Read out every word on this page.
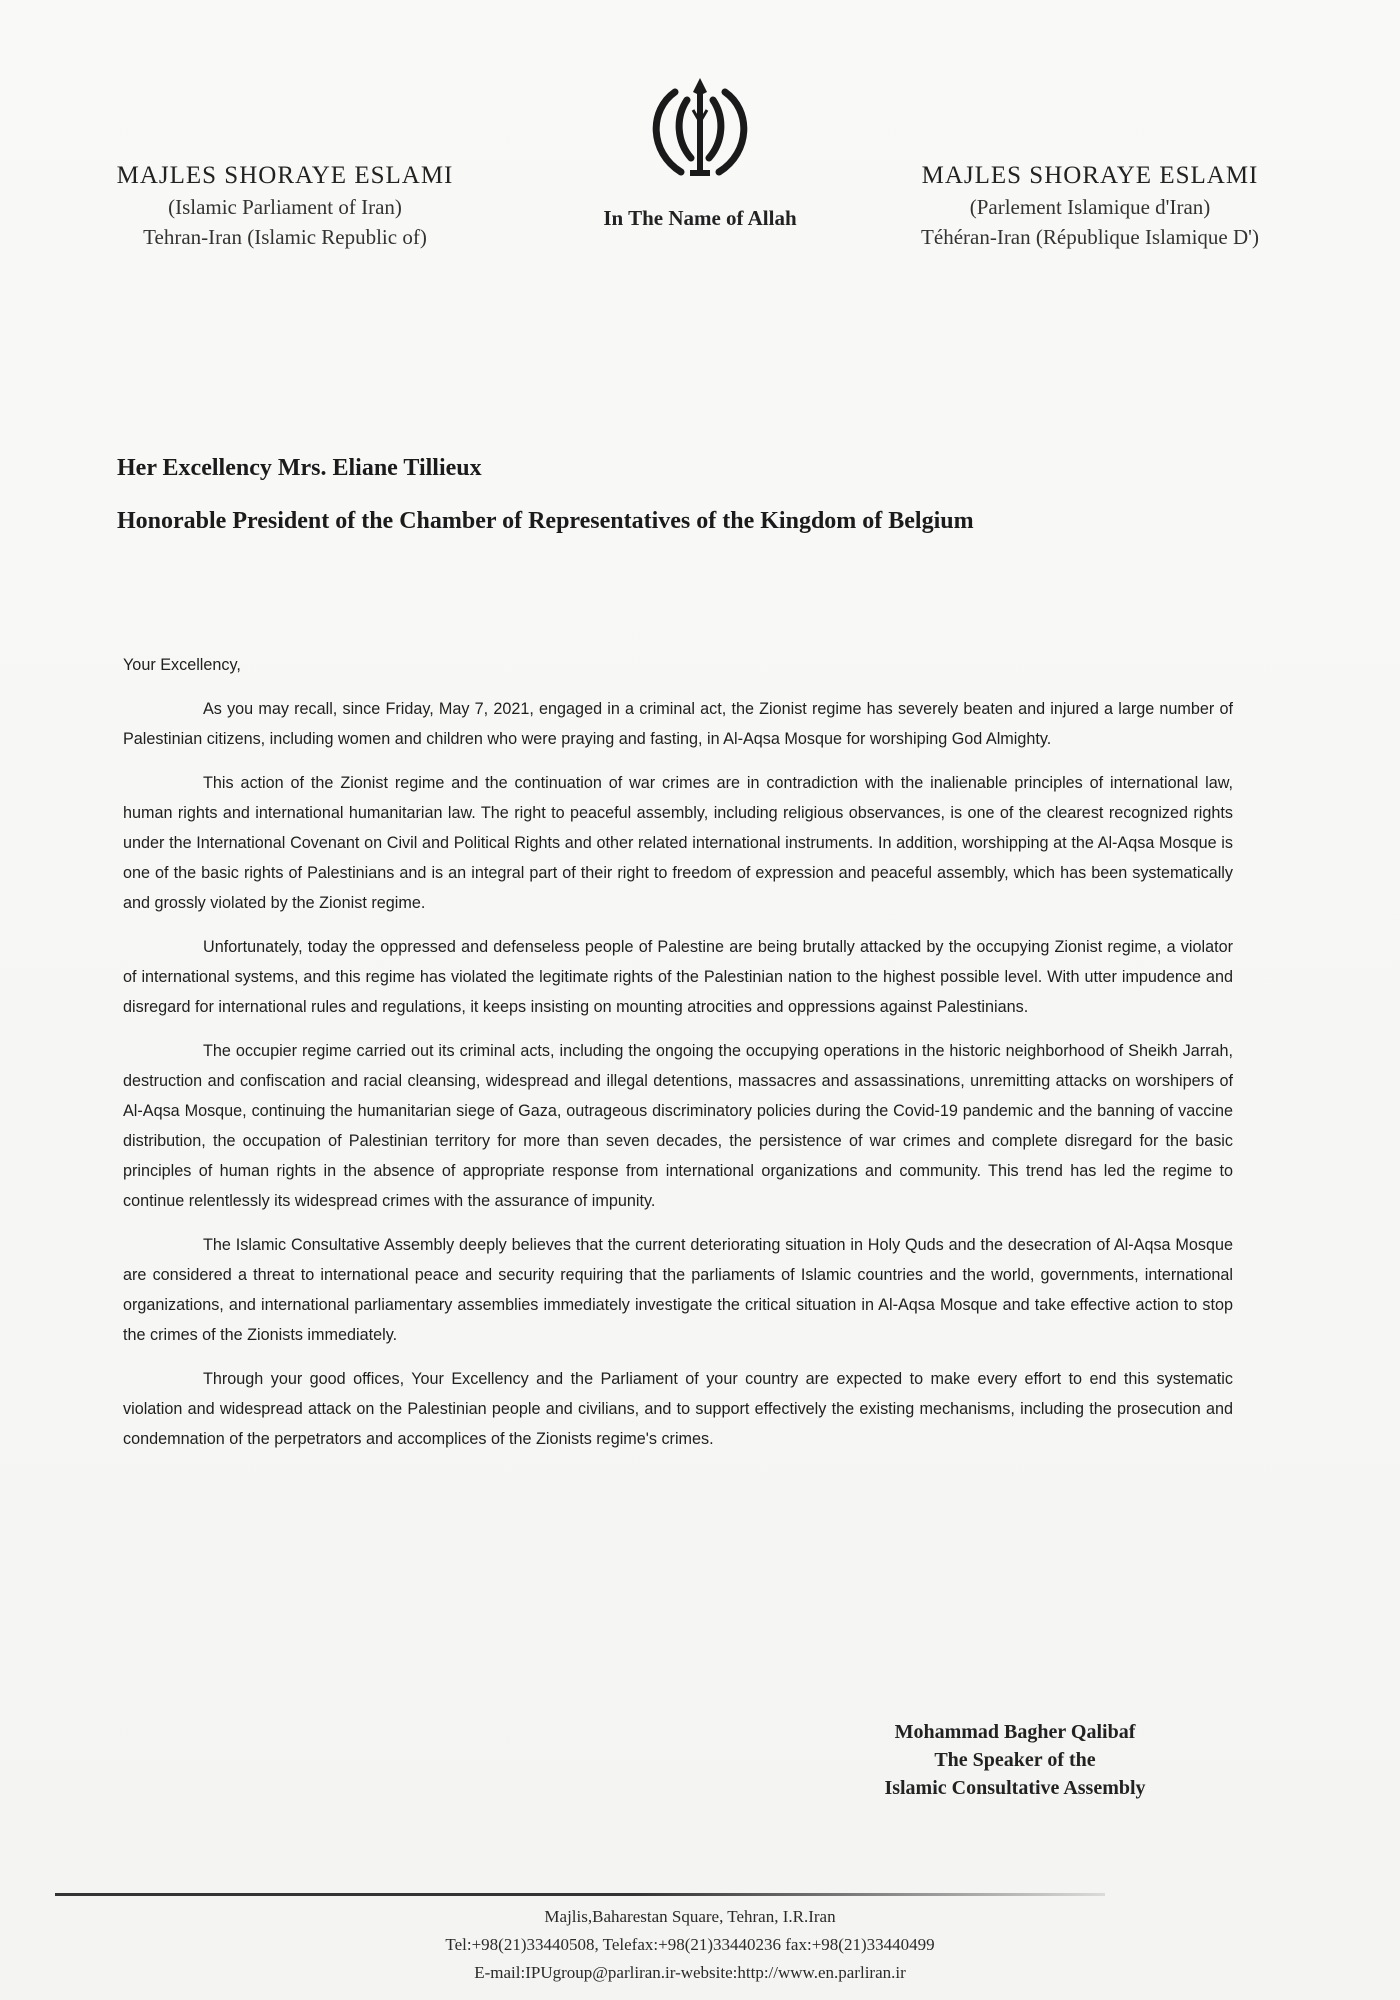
MAJLES SHORAYE ESLAMI
(Islamic Parliament of Iran)
Tehran-Iran (Islamic Republic of)
In The Name of Allah
MAJLES SHORAYE ESLAMI
(Parlement Islamique d'Iran)
Téhéran-Iran (République Islamique D')
Her Excellency Mrs. Eliane Tillieux
Honorable President of the Chamber of Representatives of the Kingdom of Belgium
Your Excellency,

As you may recall, since Friday, May 7, 2021, engaged in a criminal act, the Zionist regime has severely beaten and injured a large number of Palestinian citizens, including women and children who were praying and fasting, in Al-Aqsa Mosque for worshiping God Almighty.

This action of the Zionist regime and the continuation of war crimes are in contradiction with the inalienable principles of international law, human rights and international humanitarian law. The right to peaceful assembly, including religious observances, is one of the clearest recognized rights under the International Covenant on Civil and Political Rights and other related international instruments. In addition, worshipping at the Al-Aqsa Mosque is one of the basic rights of Palestinians and is an integral part of their right to freedom of expression and peaceful assembly, which has been systematically and grossly violated by the Zionist regime.

Unfortunately, today the oppressed and defenseless people of Palestine are being brutally attacked by the occupying Zionist regime, a violator of international systems, and this regime has violated the legitimate rights of the Palestinian nation to the highest possible level. With utter impudence and disregard for international rules and regulations, it keeps insisting on mounting atrocities and oppressions against Palestinians.

The occupier regime carried out its criminal acts, including the ongoing the occupying operations in the historic neighborhood of Sheikh Jarrah, destruction and confiscation and racial cleansing, widespread and illegal detentions, massacres and assassinations, unremitting attacks on worshipers of Al-Aqsa Mosque, continuing the humanitarian siege of Gaza, outrageous discriminatory policies during the Covid-19 pandemic and the banning of vaccine distribution, the occupation of Palestinian territory for more than seven decades, the persistence of war crimes and complete disregard for the basic principles of human rights in the absence of appropriate response from international organizations and community. This trend has led the regime to continue relentlessly its widespread crimes with the assurance of impunity.

The Islamic Consultative Assembly deeply believes that the current deteriorating situation in Holy Quds and the desecration of Al-Aqsa Mosque are considered a threat to international peace and security requiring that the parliaments of Islamic countries and the world, governments, international organizations, and international parliamentary assemblies immediately investigate the critical situation in Al-Aqsa Mosque and take effective action to stop the crimes of the Zionists immediately.

Through your good offices, Your Excellency and the Parliament of your country are expected to make every effort to end this systematic violation and widespread attack on the Palestinian people and civilians, and to support effectively the existing mechanisms, including the prosecution and condemnation of the perpetrators and accomplices of the Zionists regime's crimes.

Mohammad Bagher Qalibaf
The Speaker of the
Islamic Consultative Assembly
Majlis,Baharestan Square, Tehran, I.R.Iran
Tel:+98(21)33440508, Telefax:+98(21)33440236 fax:+98(21)33440499
E-mail:IPUgroup@parliran.ir-website:http://www.en.parliran.ir
